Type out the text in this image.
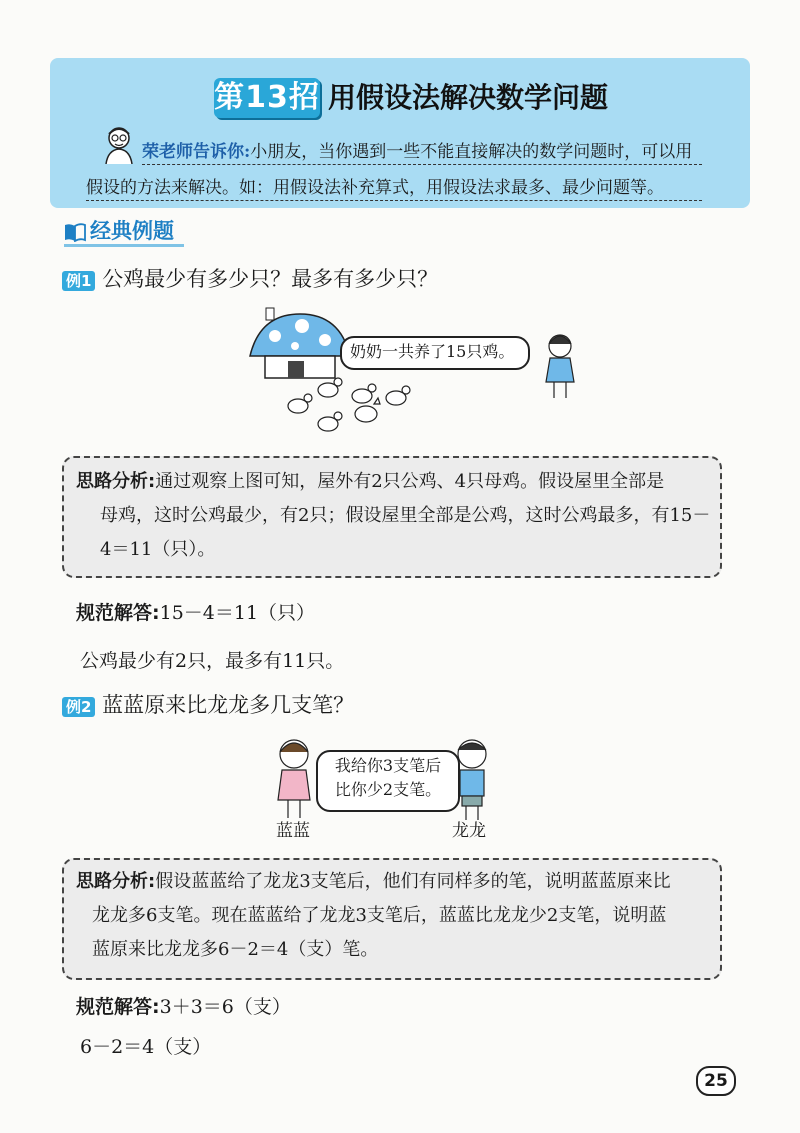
第13招 用假设法解决数学问题
荣老师告诉你:小朋友，当你遇到一些不能直接解决的数学问题时，可以用
假设的方法来解决。如：用假设法补充算式，用假设法求最多、最少问题等。
经典例题
例1 公鸡最少有多少只？最多有多少只？
奶奶一共养了15只鸡。
思路分析:通过观察上图可知，屋外有2只公鸡、4只母鸡。假设屋里全部是
母鸡，这时公鸡最少，有2只；假设屋里全部是公鸡，这时公鸡最多，有15－
4＝11（只）。
规范解答:15－4＝11（只）
公鸡最少有2只，最多有11只。
例2 蓝蓝原来比龙龙多几支笔？
我给你3支笔后
比你少2支笔。
蓝蓝	龙龙
思路分析:假设蓝蓝给了龙龙3支笔后，他们有同样多的笔，说明蓝蓝原来比
龙龙多6支笔。现在蓝蓝给了龙龙3支笔后，蓝蓝比龙龙少2支笔，说明蓝
蓝原来比龙龙多6－2＝4（支）笔。
规范解答:3＋3＝6（支）
6－2＝4（支）
25
